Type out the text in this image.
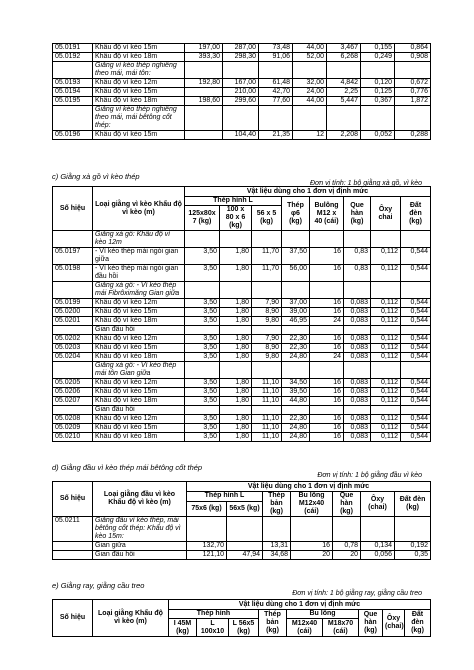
05.0191	Khẩu độ vì kèo 15m	197,00	287,00	73,48	44,00	3,467	0,155	0,864
05.0192	Khẩu độ vì kèo 18m	393,30	298,30	91,06	52,00	6,268	0,249	0,908
	Giằng vì kèo thép nghiêng theo mái, mái tôn:							
05.0193	Khẩu độ vì kèo 12m	192,80	167,00	61,48	32,00	4,842	0,120	0,672
05.0194	Khẩu độ vì kèo 15m		210,00	42,70	24,00	2,25	0,125	0,776
05.0195	Khẩu độ vì kèo 18m	198,60	299,60	77,60	44,00	5,447	0,367	1,872
	Giằng vì kèo thép nghiêng theo mái, mái bêtông cốt thép:							
05.0196	Khẩu độ vì kèo 15m		104,40	21,35	12	2,208	0,052	0,288
c) Giằng xà gồ vì kèo thép
Đơn vị tính: 1 bộ giằng xà gồ, vì kèo
Số hiệu	Loại giằng vì kèo Khẩu độ vì kèo (m)	Vật liệu dùng cho 1 đơn vị định mức							
		Thép hình L			Thép φ6 (kg)	Bulông M12 x 40 (cái)	Que hàn (kg)	Ôxy chai	Đất đèn (kg)
		125x80x 7 (kg)	100 x 80 x 6 (kg)	56 x 5 (kg)					
	Giằng xà gồ: Khẩu độ vì kèo 12m								
05.0197	- Vì kèo thép mái ngói gian giữa	3,50	1,80	11,70	37,50	16	0,83	0,112	0,544
05.0198	- Vì kèo thép mái ngói gian đầu hồi	3,50	1,80	11,70	56,00	16	0,83	0,112	0,544
	Giằng xà gồ: - Vì kèo thép mái Fibrôximăng Gian giữa								
05.0199	Khẩu độ vì kèo 12m	3,50	1,80	7,90	37,00	16	0,083	0,112	0,544
05.0200	Khẩu độ vì kèo 15m	3,50	1,80	8,90	39,00	16	0,083	0,112	0,544
05.0201	Khẩu độ vì kèo 18m	3,50	1,80	9,80	46,95	24	0,083	0,112	0,544
	Gian đầu hồi								
05.0202	Khẩu độ vì kèo 12m	3,50	1,80	7,90	22,30	16	0,083	0,112	0,544
05.0203	Khẩu độ vì kèo 15m	3,50	1,80	8,90	22,30	16	0,083	0,112	0,544
05.0204	Khẩu độ vì kèo 18m	3,50	1,80	9,80	24,80	24	0,083	0,112	0,544
	Giằng xà gồ: - Vì kèo thép mái tôn Gian giữa								
05.0205	Khẩu độ vì kèo 12m	3,50	1,80	11,10	34,50	16	0,083	0,112	0,544
05.0206	Khẩu độ vì kèo 15m	3,50	1,80	11,10	39,50	16	0,083	0,112	0,544
05.0207	Khẩu độ vì kèo 18m	3,50	1,80	11,10	44,80	16	0,083	0,112	0,544
	Gian đầu hồi								
05.0208	Khẩu độ vì kèo 12m	3,50	1,80	11,10	22,30	16	0,083	0,112	0,544
05.0209	Khẩu độ vì kèo 15m	3,50	1,80	11,10	24,80	16	0,083	0,112	0,544
05.0210	Khẩu độ vì kèo 18m	3,50	1,80	11,10	24,80	16	0,083	0,112	0,544
d) Giằng đầu vì kèo thép mái bêtông cốt thép
Đơn vị tính: 1 bộ giằng đầu vì kèo
Số hiệu	Loại giằng đầu vì kèo Khẩu độ vì kèo (m)	Vật liệu dùng cho 1 đơn vị định mức						
		Thép hình L		Thép bản (kg)	Bu lông M12x40 (cái)	Que hàn (kg)	Ôxy (chai)	Đất đèn (kg)
		75x6 (kg)	56x5 (kg)					
05.0211	Giằng đầu vì kèo thép, mái bêtông cốt thép: Khẩu độ vì kèo 15m:							
	Gian giữa	132,70		13,31	16	0,78	0,134	0,192
	Gian đầu hồi	121,10	47,94	34,68	20	20	0,056	0,35
e) Giằng ray, giằng cầu treo
Đơn vị tính: 1 bộ giằng ray, giằng cầu treo
Số hiệu	Loại giằng Khẩu độ vì kèo (m)	Vật liệu dùng cho 1 đơn vị định mức								
		Thép hình			Thép bản (kg)	Bu lông		Que hàn (kg)	Ôxy (chai)	Đất đèn (kg)
		I 45M (kg)	L 100x10	L 56x5 (kg)		M12x40 (cái)	M18x70 (cái)			
